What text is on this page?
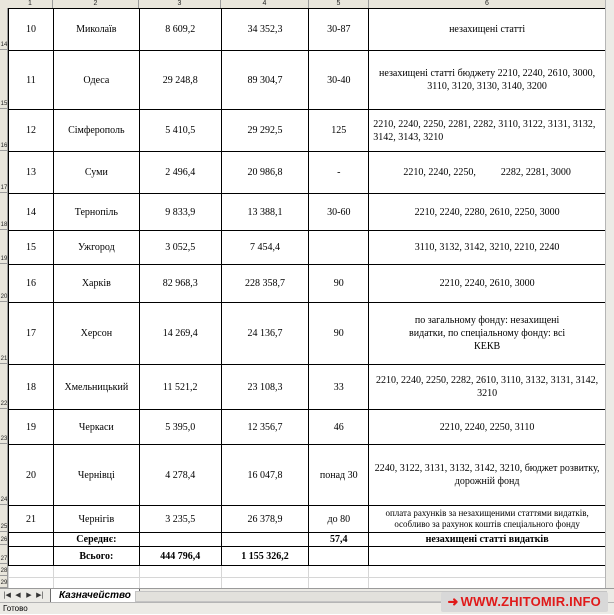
1	2	3	4	5	6
14
15
16
17
18
19
20
21
22
23
24
25
26
27
28
29
10	Миколаїв	8 609,2	34 352,3	30-87	незахищені статті
11	Одеса	29 248,8	89 304,7	30-40	незахищені статті бюджету 2210, 2240, 2610, 3000, 3110, 3120, 3130, 3140, 3200
12	Сімферополь	5 410,5	29 292,5	125	2210, 2240, 2250, 2281, 2282, 3110, 3122, 3131, 3132, 3142, 3143, 3210
13	Суми	2 496,4	20 986,8	-	2210, 2240, 2250,          2282, 2281, 3000
14	Тернопіль	9 833,9	13 388,1	30-60	2210, 2240, 2280, 2610, 2250, 3000
15	Ужгород	3 052,5	7 454,4		3110, 3132, 3142, 3210, 2210, 2240
16	Харків	82 968,3	228 358,7	90	2210, 2240, 2610, 3000
17	Херсон	14 269,4	24 136,7	90	по загальному фонду: незахищені видатки, по спеціальному фонду: всі КЕКВ
18	Хмельницький	11 521,2	23 108,3	33	2210, 2240, 2250, 2282, 2610, 3110, 3132, 3131, 3142, 3210
19	Черкаси	5 395,0	12 356,7	46	2210, 2240, 2250, 3110
20	Чернівці	4 278,4	16 047,8	понад 30	2240, 3122, 3131, 3132, 3142, 3210, бюджет розвитку, дорожній фонд
21	Чернігів	3 235,5	26 378,9	до 80	оплата рахунків за незахищеними статтями видатків, особливо за рахунок коштів спеціального фонду
	Середнє:			57,4	незахищені статті видатків
	Всього:	444 796,4	1 155 326,2		

|◀ ◀ ▶ ▶|	Казначейство
Готово	➜ WWW.ZHITOMIR.INFO
